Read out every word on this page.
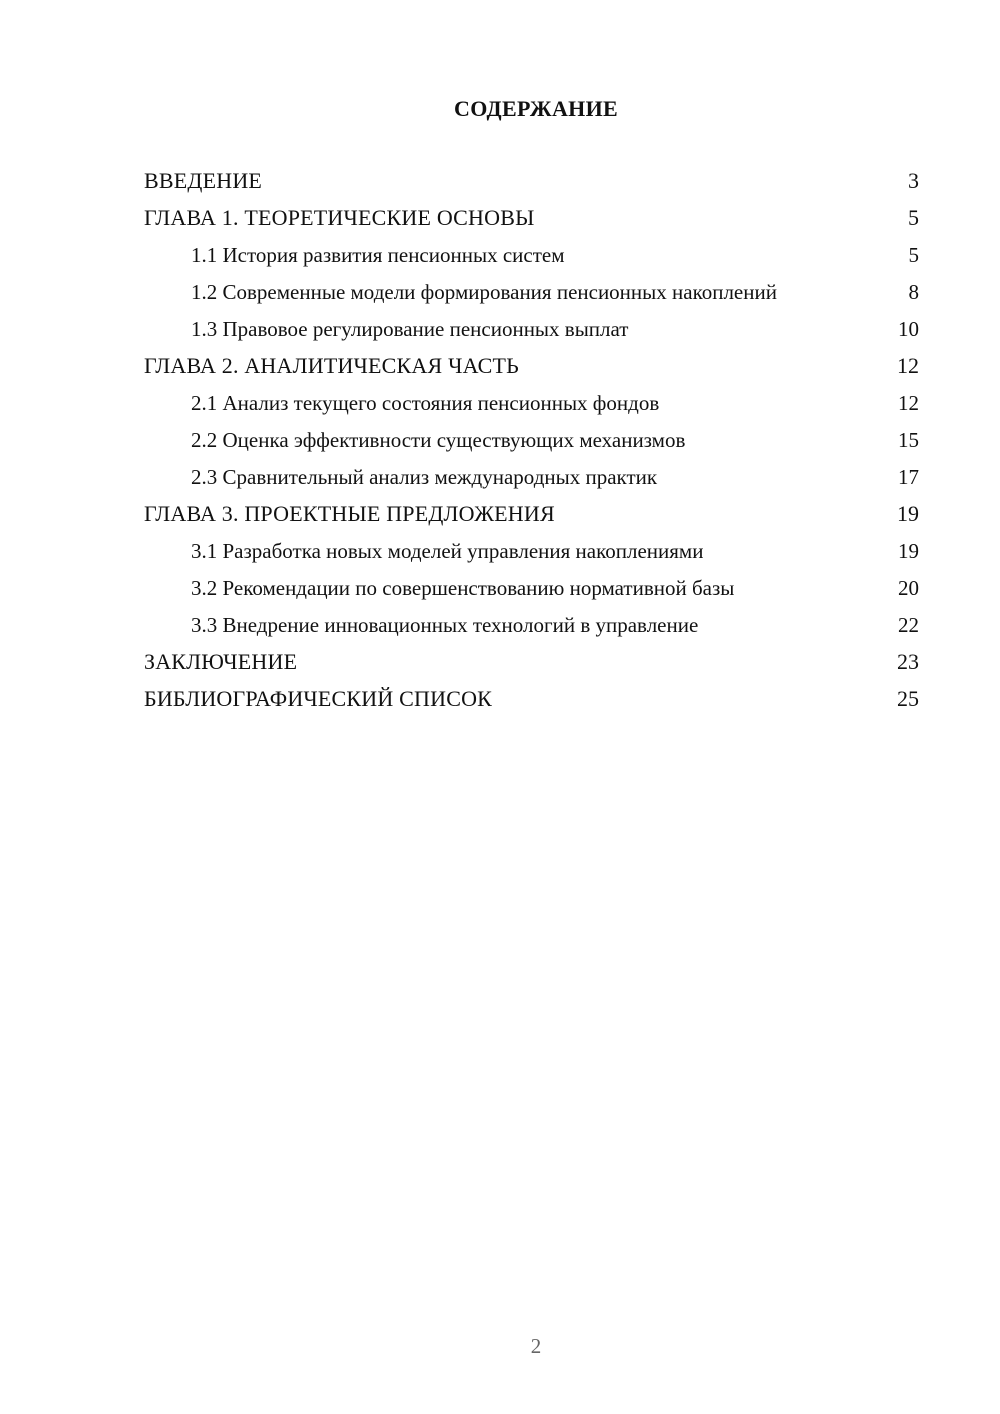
СОДЕРЖАНИЕ
ВВЕДЕНИЕ	3
ГЛАВА 1. ТЕОРЕТИЧЕСКИЕ ОСНОВЫ	5
1.1 История развития пенсионных систем	5
1.2 Современные модели формирования пенсионных накоплений	8
1.3 Правовое регулирование пенсионных выплат	10
ГЛАВА 2. АНАЛИТИЧЕСКАЯ ЧАСТЬ	12
2.1 Анализ текущего состояния пенсионных фондов	12
2.2 Оценка эффективности существующих механизмов	15
2.3 Сравнительный анализ международных практик	17
ГЛАВА 3. ПРОЕКТНЫЕ ПРЕДЛОЖЕНИЯ	19
3.1 Разработка новых моделей управления накоплениями	19
3.2 Рекомендации по совершенствованию нормативной базы	20
3.3 Внедрение инновационных технологий в управление	22
ЗАКЛЮЧЕНИЕ	23
БИБЛИОГРАФИЧЕСКИЙ СПИСОК	25
2
